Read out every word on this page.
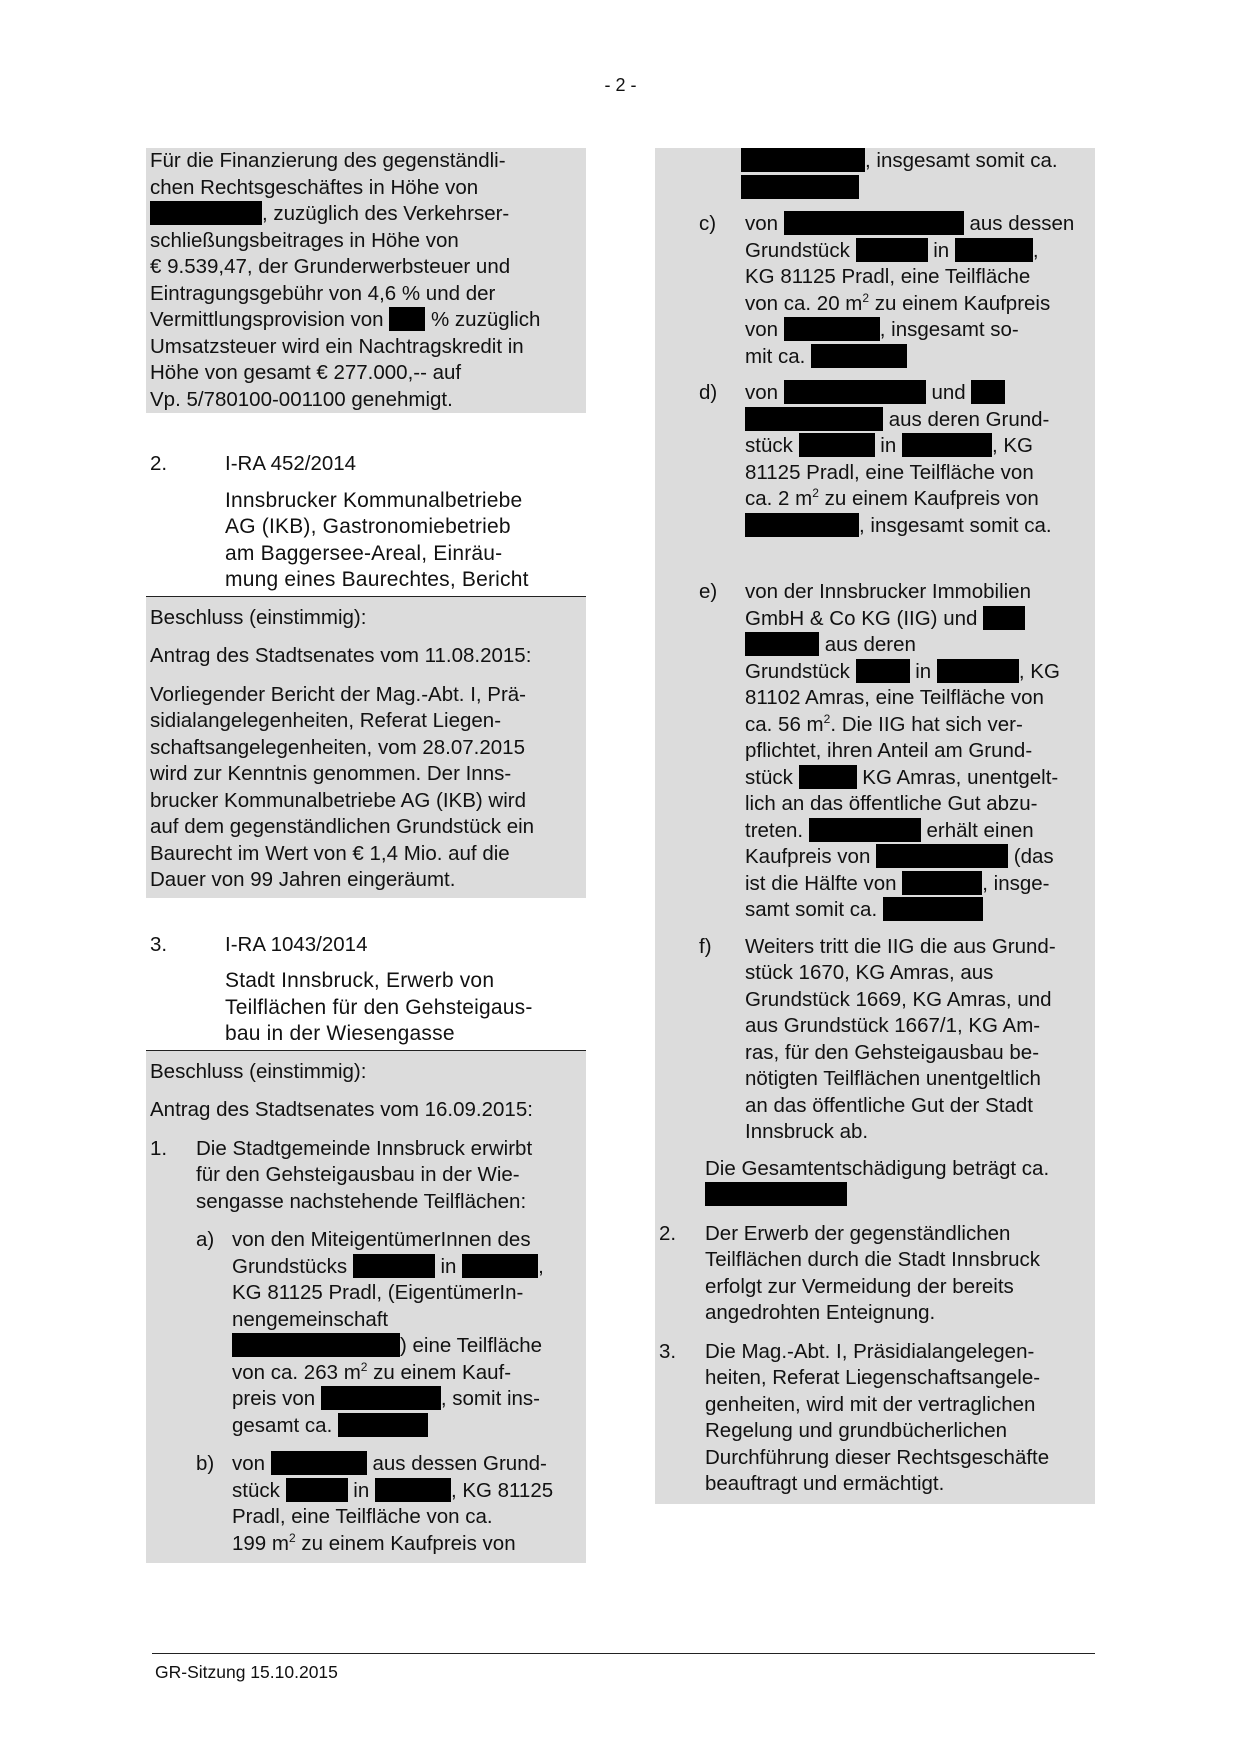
- 2 -
Für die Finanzierung des gegenständli-
chen Rechtsgeschäftes in Höhe von
, zuzüglich des Verkehrser-
schließungsbeitrages in Höhe von
€ 9.539,47, der Grunderwerbsteuer und
Eintragungsgebühr von 4,6 % und der
Vermittlungsprovision von % zuzüglich
Umsatzsteuer wird ein Nachtragskredit in
Höhe von gesamt € 277.000,-- auf
Vp. 5/780100-001100 genehmigt.
2.	I-RA 452/2014
Innsbrucker Kommunalbetriebe
AG (IKB), Gastronomiebetrieb
am Baggersee-Areal, Einräu-
mung eines Baurechtes, Bericht
Beschluss (einstimmig):
Antrag des Stadtsenates vom 11.08.2015:
Vorliegender Bericht der Mag.-Abt. I, Prä-
sidialangelegenheiten, Referat Liegen-
schaftsangelegenheiten, vom 28.07.2015
wird zur Kenntnis genommen. Der Inns-
brucker Kommunalbetriebe AG (IKB) wird
auf dem gegenständlichen Grundstück ein
Baurecht im Wert von € 1,4 Mio. auf die
Dauer von 99 Jahren eingeräumt.
3.	I-RA 1043/2014
Stadt Innsbruck, Erwerb von
Teilflächen für den Gehsteigaus-
bau in der Wiesengasse
Beschluss (einstimmig):
Antrag des Stadtsenates vom 16.09.2015:
1.	Die Stadtgemeinde Innsbruck erwirbt
für den Gehsteigausbau in der Wie-
sengasse nachstehende Teilflächen:
a) von den MiteigentümerInnen des
Grundstücks	in	,
KG 81125 Pradl, (EigentümerIn-
nengemeinschaft
) eine Teilfläche
von ca. 263 $m^2$ zu einem Kauf-
preis von	, somit ins-
gesamt ca.
b) von	aus dessen Grund-
stück	in	, KG 81125
Pradl, eine Teilfläche von ca.
199 $m^2$ zu einem Kaufpreis von
, insgesamt somit ca.
c)	von	aus dessen
Grundstück	in	,
KG 81125 Pradl, eine Teilfläche
von ca. 20 $m^2$ zu einem Kaufpreis
von	, insgesamt so-
mit ca.
d)	von	und
aus deren Grund-
stück	in	, KG
81125 Pradl, eine Teilfläche von
ca. 2 $m^2$ zu einem Kaufpreis von
, insgesamt somit ca.
e)	von der Innsbrucker Immobilien
GmbH & Co KG (IIG) und
aus deren
Grundstück	in	, KG
81102 Amras, eine Teilfläche von
ca. 56 $m^2$. Die IIG hat sich ver-
pflichtet, ihren Anteil am Grund-
stück	KG Amras, unentgelt-
lich an das öffentliche Gut abzu-
treten.	erhält einen
Kaufpreis von	(das
ist die Hälfte von	, insge-
samt somit ca.
f)	Weiters tritt die IIG die aus Grund-
stück 1670, KG Amras, aus
Grundstück 1669, KG Amras, und
aus Grundstück 1667/1, KG Am-
ras, für den Gehsteigausbau be-
nötigten Teilflächen unentgeltlich
an das öffentliche Gut der Stadt
Innsbruck ab.
Die Gesamtentschädigung beträgt ca.
2.	Der Erwerb der gegenständlichen
Teilflächen durch die Stadt Innsbruck
erfolgt zur Vermeidung der bereits
angedrohten Enteignung.
3.	Die Mag.-Abt. I, Präsidialangelegen-
heiten, Referat Liegenschaftsangele-
genheiten, wird mit der vertraglichen
Regelung und grundbücherlichen
Durchführung dieser Rechtsgeschäfte
beauftragt und ermächtigt.
GR-Sitzung 15.10.2015
